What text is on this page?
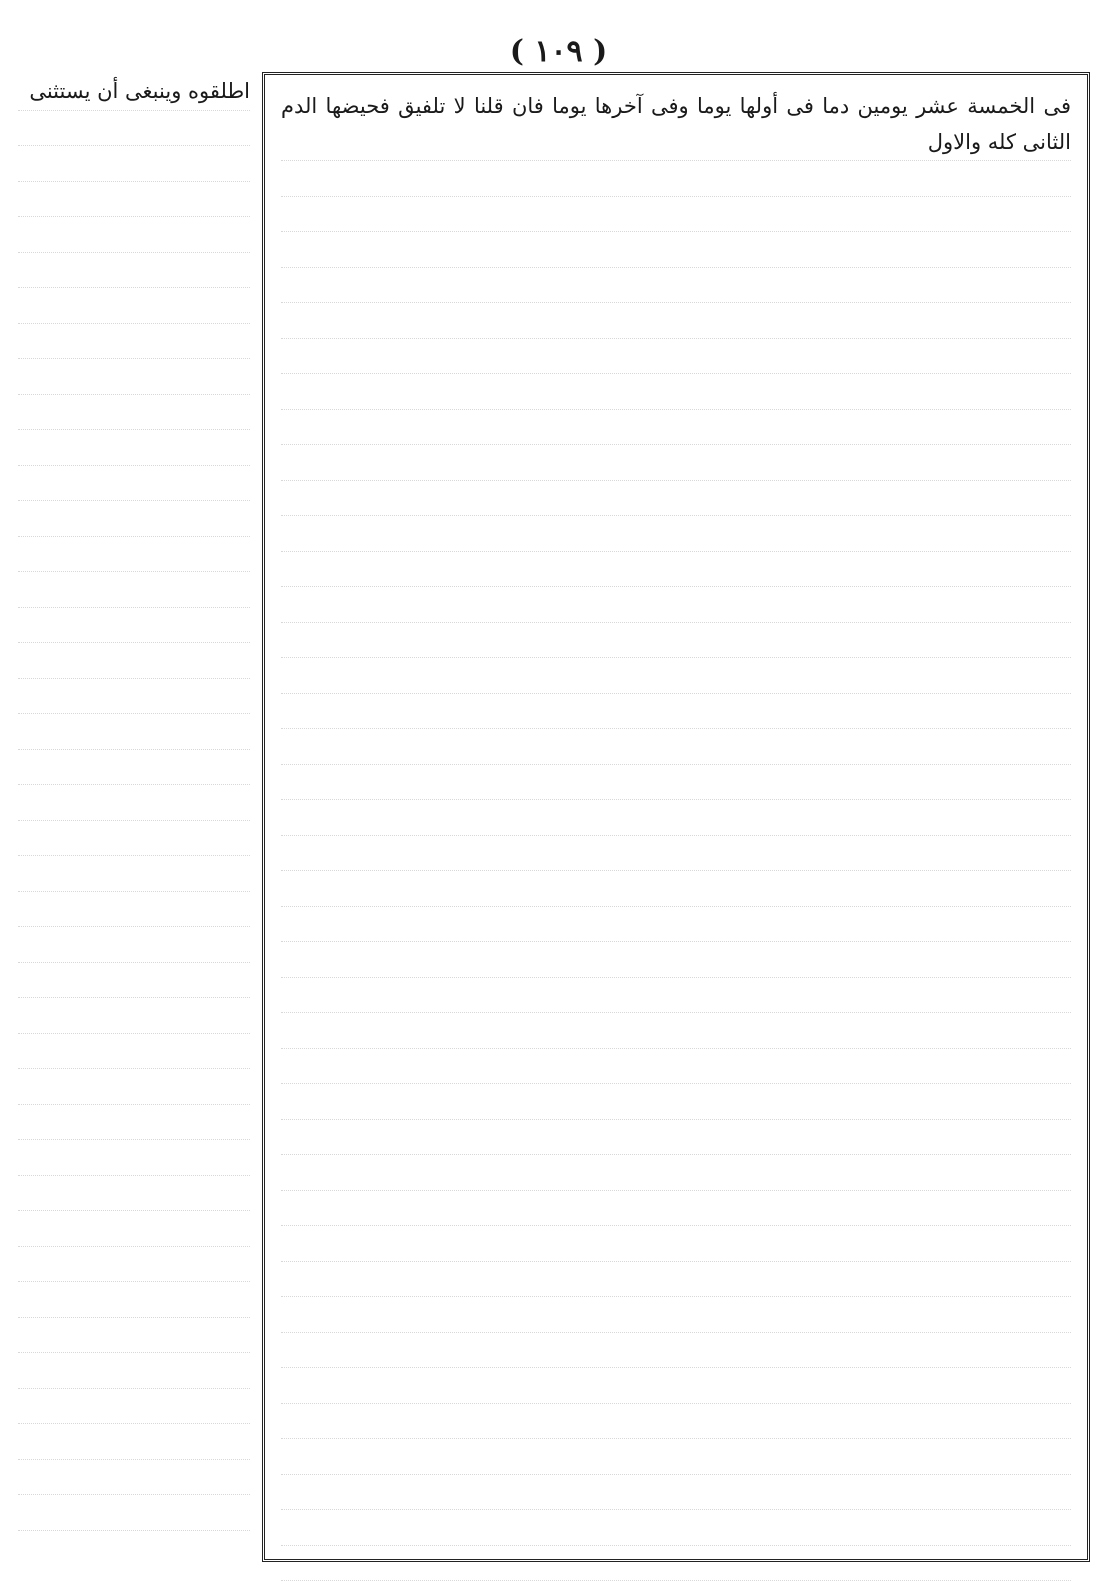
( ١٠٩ )
فى الخمسة عشر يومين دما فى أولها يوما وفى آخرها يوما فان قلنا لا تلفيق فحيضها الدم الثانى كله والاول
اطلقوه وينبغى أن يستثنى
